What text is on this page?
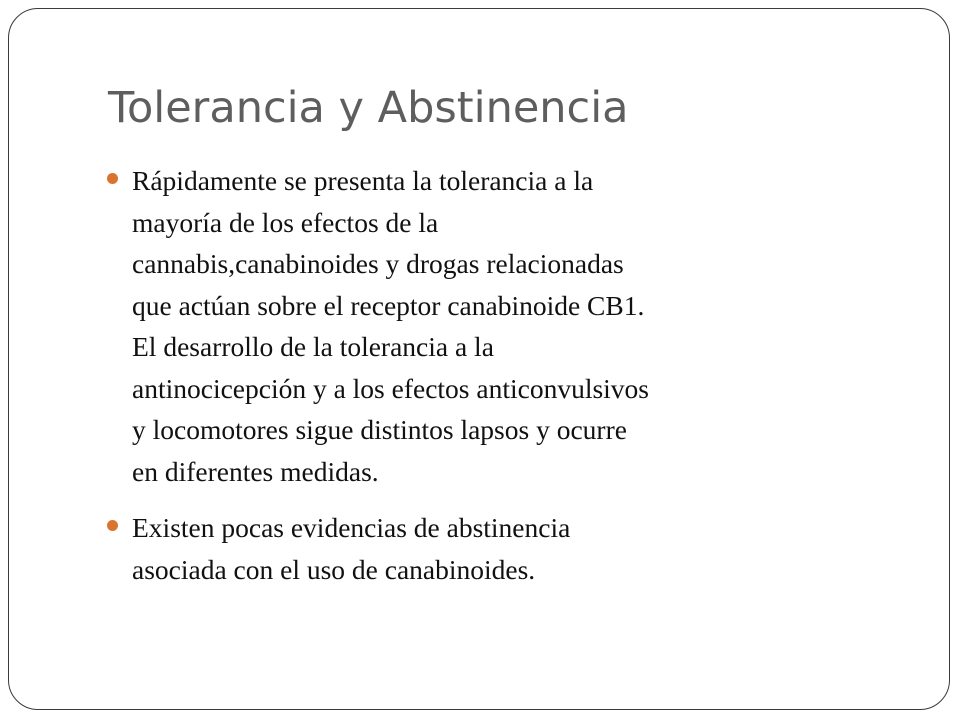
Tolerancia y Abstinencia
Rápidamente se presenta la tolerancia a la
mayoría de los efectos de la
cannabis,canabinoides y drogas relacionadas
que actúan sobre el receptor canabinoide CB1.
El desarrollo de la tolerancia a la
antinocicepción y a los efectos anticonvulsivos
y locomotores sigue distintos lapsos y ocurre
en diferentes medidas.
Existen pocas evidencias de abstinencia
asociada con el uso de canabinoides.
